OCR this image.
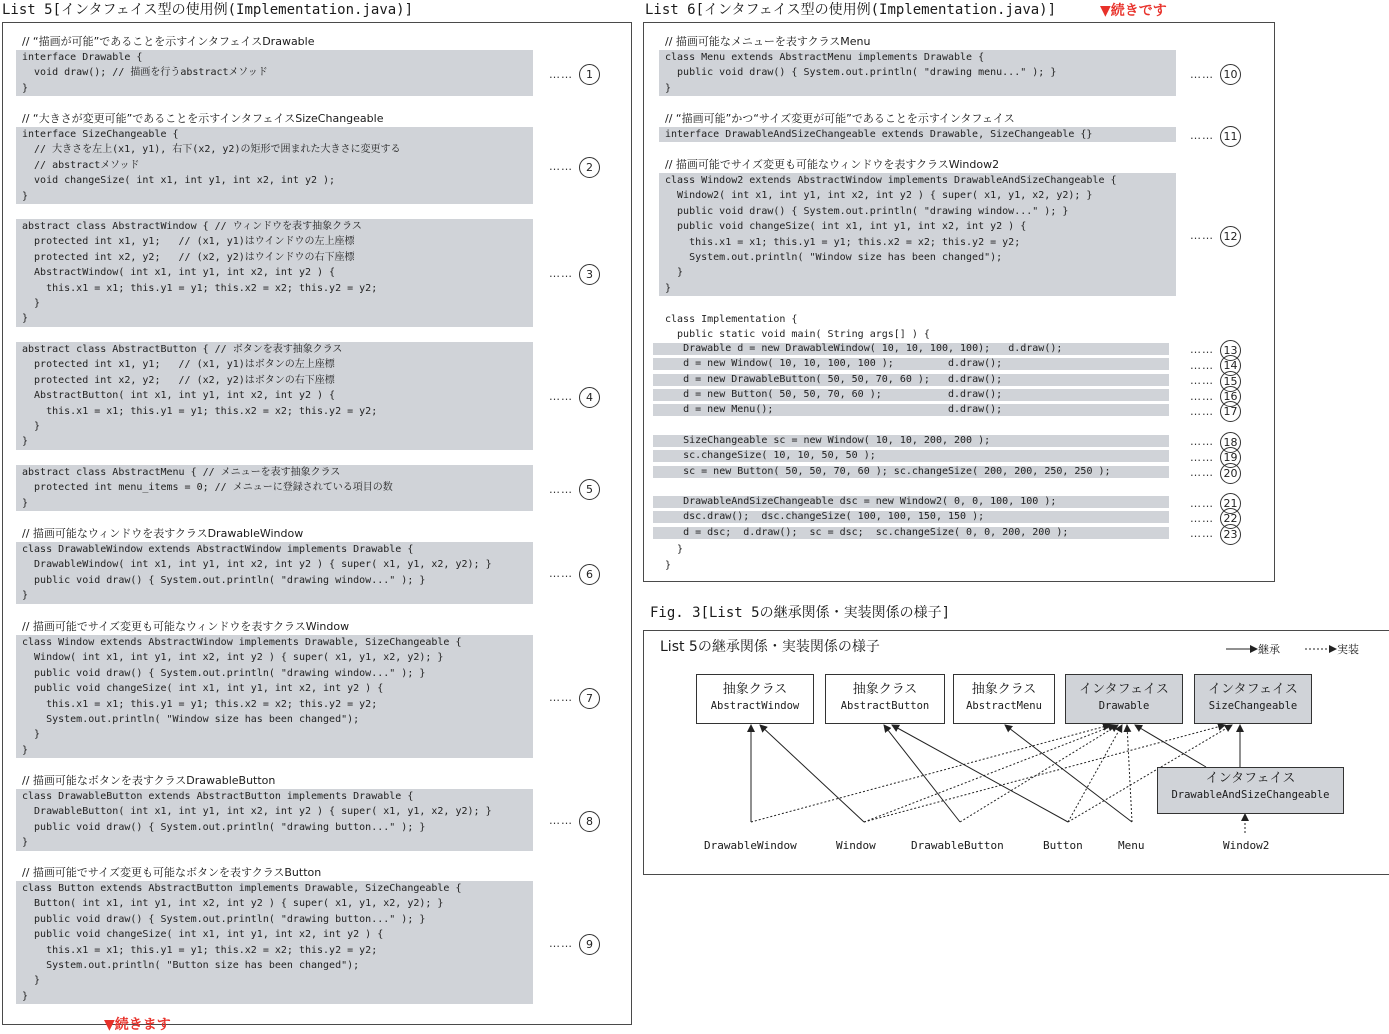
List 5[インタフェイス型の使用例(Implementation.java)]
// “描画が可能”であることを示すインタフェイスDrawable
interface Drawable {
void draw(); // 描画を行うabstractメソッド
}
……	1
// “大きさが変更可能”であることを示すインタフェイスSizeChangeable
interface SizeChangeable {
// 大きさを左上(x1, y1), 右下(x2, y2)の矩形で囲まれた大きさに変更する
// abstractメソッド
void changeSize( int x1, int y1, int x2, int y2 );
}
……	2
abstract class AbstractWindow { // ウィンドウを表す抽象クラス
protected int x1, y1;   // (x1, y1)はウインドウの左上座標
protected int x2, y2;   // (x2, y2)はウインドウの右下座標
AbstractWindow( int x1, int y1, int x2, int y2 ) {
this.x1 = x1; this.y1 = y1; this.x2 = x2; this.y2 = y2;
}
}
……	3
abstract class AbstractButton { // ボタンを表す抽象クラス
protected int x1, y1;   // (x1, y1)はボタンの左上座標
protected int x2, y2;   // (x2, y2)はボタンの右下座標
AbstractButton( int x1, int y1, int x2, int y2 ) {
this.x1 = x1; this.y1 = y1; this.x2 = x2; this.y2 = y2;
}
}
……	4
abstract class AbstractMenu { // メニューを表す抽象クラス
protected int menu_items = 0; // メニューに登録されている項目の数
}
……	5
// 描画可能なウィンドウを表すクラスDrawableWindow
class DrawableWindow extends AbstractWindow implements Drawable {
DrawableWindow( int x1, int y1, int x2, int y2 ) { super( x1, y1, x2, y2); }
public void draw() { System.out.println( "drawing window..." ); }
}
……	6
// 描画可能でサイズ変更も可能なウィンドウを表すクラスWindow
class Window extends AbstractWindow implements Drawable, SizeChangeable {
Window( int x1, int y1, int x2, int y2 ) { super( x1, y1, x2, y2); }
public void draw() { System.out.println( "drawing window..." ); }
public void changeSize( int x1, int y1, int x2, int y2 ) {
this.x1 = x1; this.y1 = y1; this.x2 = x2; this.y2 = y2;
System.out.println( "Window size has been changed");
}
}
……	7
// 描画可能なボタンを表すクラスDrawableButton
class DrawableButton extends AbstractButton implements Drawable {
DrawableButton( int x1, int y1, int x2, int y2 ) { super( x1, y1, x2, y2); }
public void draw() { System.out.println( "drawing button..." ); }
}
……	8
// 描画可能でサイズ変更も可能なボタンを表すクラスButton
class Button extends AbstractButton implements Drawable, SizeChangeable {
Button( int x1, int y1, int x2, int y2 ) { super( x1, y1, x2, y2); }
public void draw() { System.out.println( "drawing button..." ); }
public void changeSize( int x1, int y1, int x2, int y2 ) {
this.x1 = x1; this.y1 = y1; this.x2 = x2; this.y2 = y2;
System.out.println( "Button size has been changed");
}
}
……	9
▼続きます
List 6[インタフェイス型の使用例(Implementation.java)]	▼続きです
// 描画可能なメニューを表すクラスMenu
class Menu extends AbstractMenu implements Drawable {
public void draw() { System.out.println( "drawing menu..." ); }
}
…… 10
// “描画可能”かつ“サイズ変更が可能”であることを示すインタフェイス
interface DrawableAndSizeChangeable extends Drawable, SizeChangeable {}	…… 11
// 描画可能でサイズ変更も可能なウィンドウを表すクラスWindow2
class Window2 extends AbstractWindow implements DrawableAndSizeChangeable {
Window2( int x1, int y1, int x2, int y2 ) { super( x1, y1, x2, y2); }
public void draw() { System.out.println( "drawing window..." ); }
public void changeSize( int x1, int y1, int x2, int y2 ) {
this.x1 = x1; this.y1 = y1; this.x2 = x2; this.y2 = y2;
System.out.println( "Window size has been changed");
}
}
…… 12
class Implementation {
public static void main( String args[] ) {
Drawable d = new DrawableWindow( 10, 10, 100, 100);   d.draw();	…… 13
d = new Window( 10, 10, 100, 100 );         d.draw();	…… 14
d = new DrawableButton( 50, 50, 70, 60 );   d.draw();	…… 15
d = new Button( 50, 50, 70, 60 );           d.draw();	…… 16
d = new Menu();                             d.draw();	…… 17
SizeChangeable sc = new Window( 10, 10, 200, 200 );	…… 18
sc.changeSize( 10, 10, 50, 50 );	…… 19
sc = new Button( 50, 50, 70, 60 ); sc.changeSize( 200, 200, 250, 250 );	…… 20
DrawableAndSizeChangeable dsc = new Window2( 0, 0, 100, 100 );	…… 21
dsc.draw();  dsc.changeSize( 100, 100, 150, 150 );	…… 22
d = dsc;  d.draw();  sc = dsc;  sc.changeSize( 0, 0, 200, 200 );	…… 23
}
}
Fig. 3[List 5の継承関係・実装関係の様子]
List 5の継承関係・実装関係の様子	継承	実装
抽象クラス
AbstractWindow
抽象クラス
AbstractButton
抽象クラス
AbstractMenu
インタフェイス
Drawable
インタフェイス
SizeChangeable
インタフェイス
DrawableAndSizeChangeable
DrawableWindow	Window	DrawableButton	Button	Menu	Window2
